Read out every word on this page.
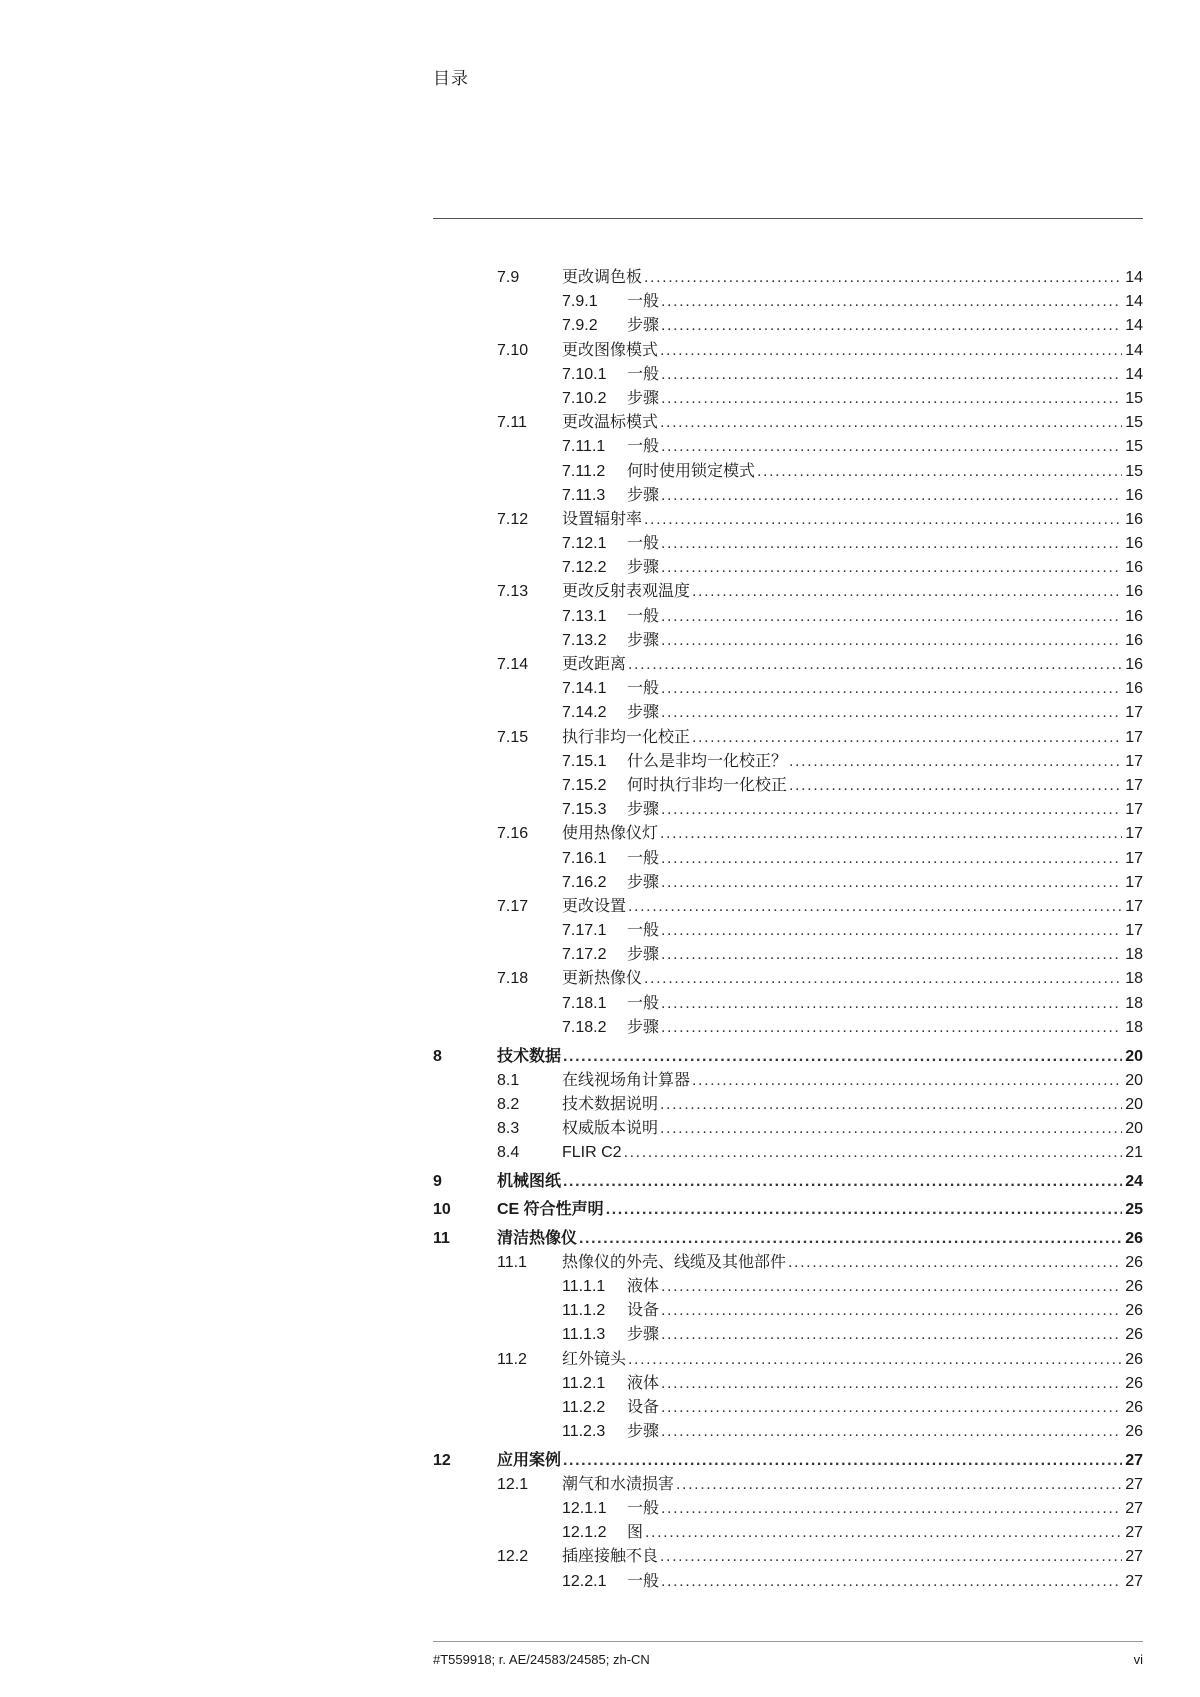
目录
7.9	更改调色板 .....	14
7.9.1 一般 .....	14
7.9.2 步骤 .....	14
7.10 更改图像模式 .....	14
7.10.1 一般 .....	14
7.10.2 步骤 .....	15
7.11 更改温标模式 .....	15
7.11.1 一般 .....	15
7.11.2 何时使用锁定模式 .....	15
7.11.3 步骤 .....	16
7.12 设置辐射率 .....	16
7.12.1 一般 .....	16
7.12.2 步骤 .....	16
7.13 更改反射表观温度 .....	16
7.13.1 一般 .....	16
7.13.2 步骤 .....	16
7.14 更改距离 .....	16
7.14.1 一般 .....	16
7.14.2 步骤 .....	17
7.15 执行非均一化校正 .....	17
7.15.1 什么是非均一化校正？ .....	17
7.15.2 何时执行非均一化校正 .....	17
7.15.3 步骤 .....	17
7.16 使用热像仪灯 .....	17
7.16.1 一般 .....	17
7.16.2 步骤 .....	17
7.17 更改设置 .....	17
7.17.1 一般 .....	17
7.17.2 步骤 .....	18
7.18 更新热像仪 .....	18
7.18.1 一般 .....	18
7.18.2 步骤 .....	18
8	技术数据 .....	20
8.1	在线视场角计算器 .....	20
8.2	技术数据说明 .....	20
8.3	权威版本说明 .....	20
8.4	FLIR C2 .....	21
9	机械图纸 .....	24
10	CE 符合性声明 .....	25
11	清洁热像仪 .....	26
11.1 热像仪的外壳、线缆及其他部件 .....	26
11.1.1 液体 .....	26
11.1.2 设备 .....	26
11.1.3 步骤 .....	26
11.2 红外镜头 .....	26
11.2.1 液体 .....	26
11.2.2 设备 .....	26
11.2.3 步骤 .....	26
12	应用案例 .....	27
12.1 潮气和水渍损害 .....	27
12.1.1 一般 .....	27
12.1.2 图 .....	27
12.2 插座接触不良 .....	27
12.2.1 一般 .....	27
#T559918; r. AE/24583/24585; zh-CN	vi
